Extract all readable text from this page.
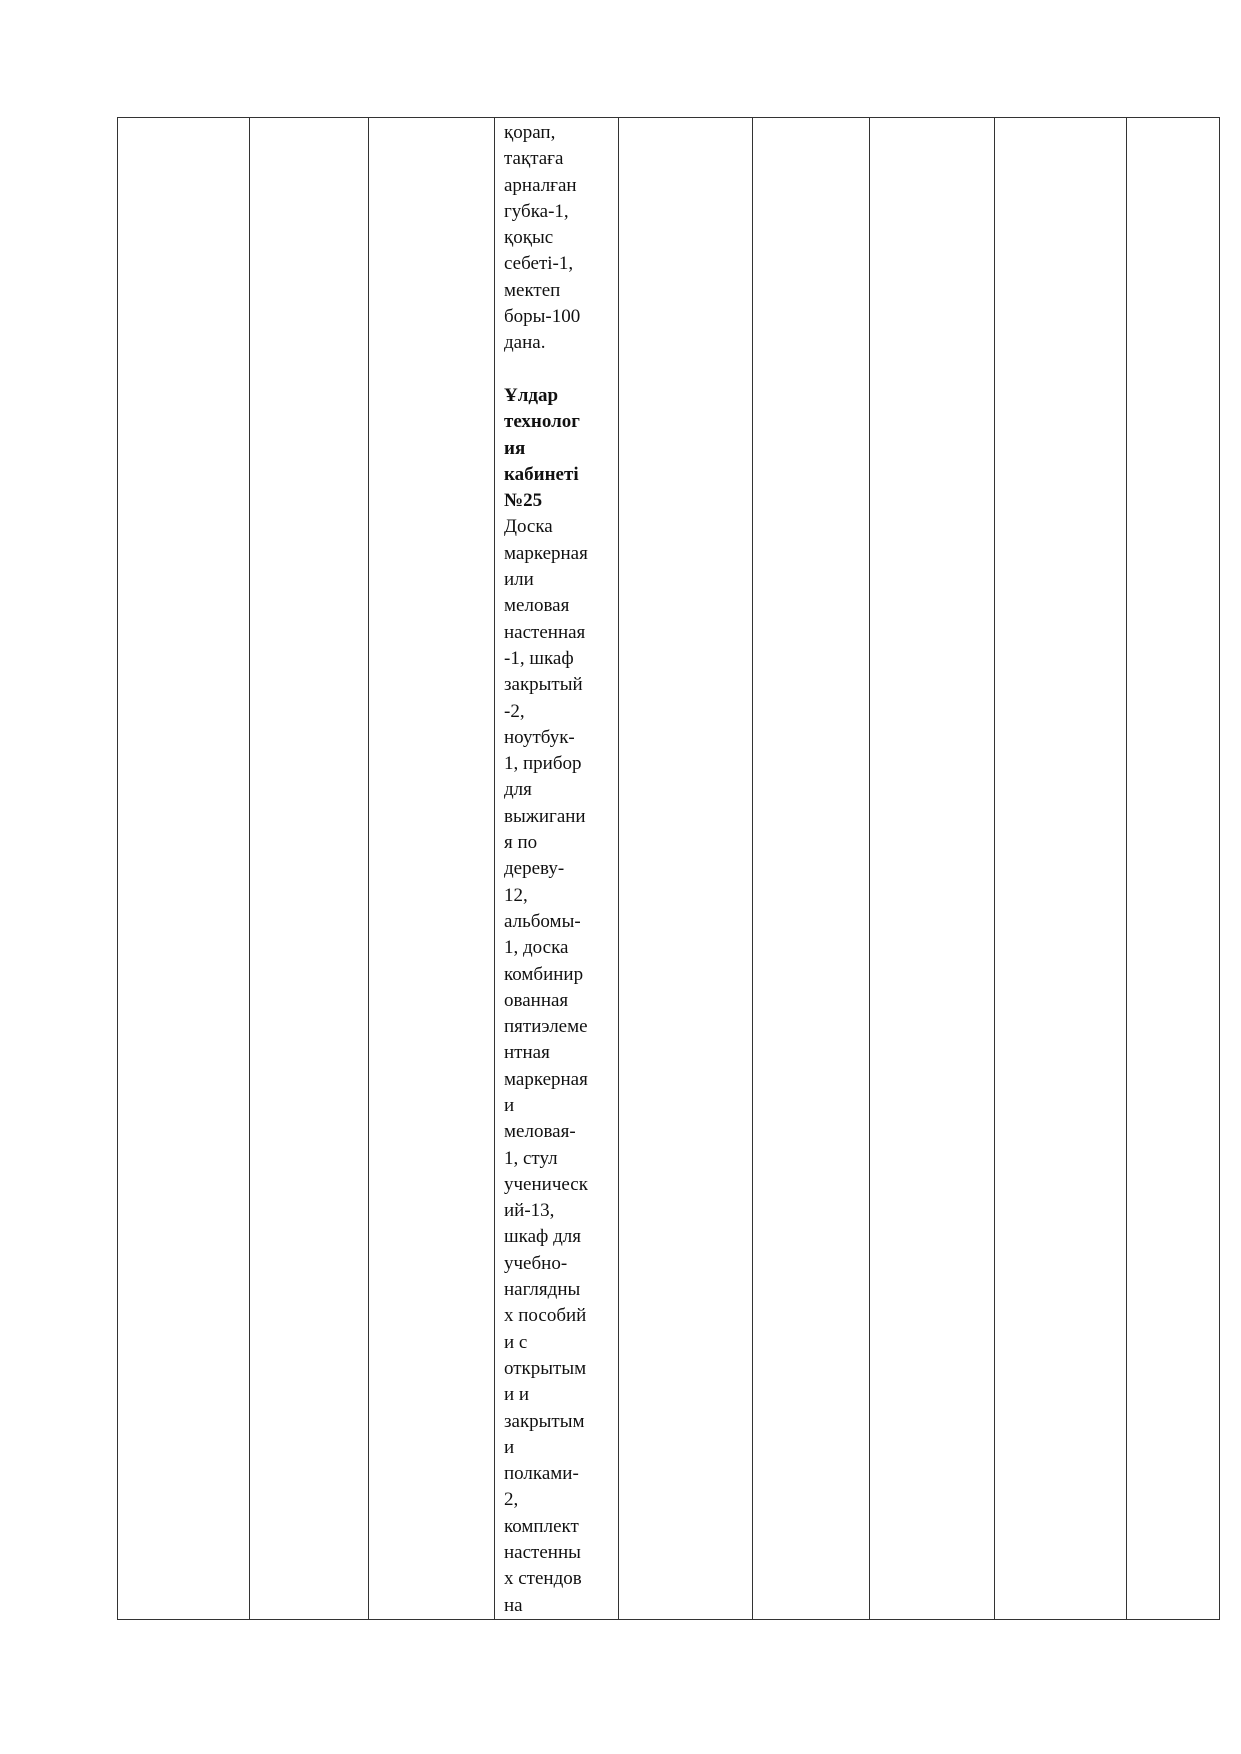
қорап,
тақтаға
арналған
губка-1,
қоқыс
себеті-1,
мектеп
боры-100
дана.

Ұлдар
технолог
ия
кабинеті
№25
Доска
маркерная
или
меловая
настенная
-1, шкаф
закрытый
-2,
ноутбук-
1, прибор
для
выжигани
я по
дереву-
12,
альбомы-
1, доска
комбинир
ованная
пятиэлеме
нтная
маркерная
и
меловая-
1, стул
ученическ
ий-13,
шкаф для
учебно-
наглядны
х пособий
и с
открытым
и и
закрытым
и
полками-
2,
комплект
настенны
х стендов
на
